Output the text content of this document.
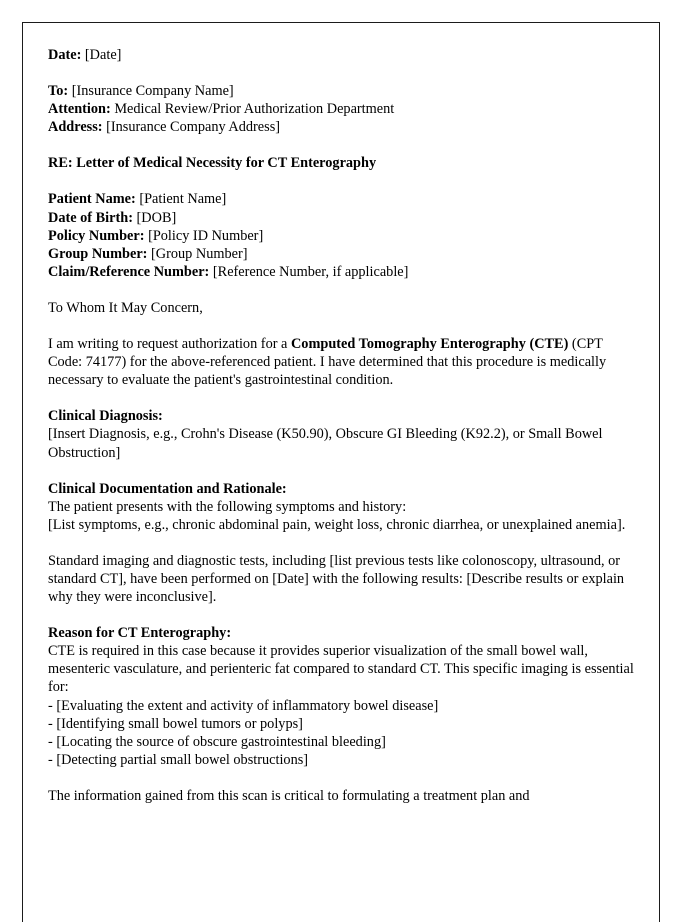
Date: [Date]
To: [Insurance Company Name]
Attention: Medical Review/Prior Authorization Department
Address: [Insurance Company Address]
RE: Letter of Medical Necessity for CT Enterography
Patient Name: [Patient Name]
Date of Birth: [DOB]
Policy Number: [Policy ID Number]
Group Number: [Group Number]
Claim/Reference Number: [Reference Number, if applicable]
To Whom It May Concern,
I am writing to request authorization for a Computed Tomography Enterography (CTE) (CPT Code: 74177) for the above-referenced patient. I have determined that this procedure is medically necessary to evaluate the patient's gastrointestinal condition.
Clinical Diagnosis:
[Insert Diagnosis, e.g., Crohn's Disease (K50.90), Obscure GI Bleeding (K92.2), or Small Bowel Obstruction]
Clinical Documentation and Rationale:
The patient presents with the following symptoms and history:
[List symptoms, e.g., chronic abdominal pain, weight loss, chronic diarrhea, or unexplained anemia].
Standard imaging and diagnostic tests, including [list previous tests like colonoscopy, ultrasound, or standard CT], have been performed on [Date] with the following results: [Describe results or explain why they were inconclusive].
Reason for CT Enterography:
CTE is required in this case because it provides superior visualization of the small bowel wall, mesenteric vasculature, and perienteric fat compared to standard CT. This specific imaging is essential for:
- [Evaluating the extent and activity of inflammatory bowel disease]
- [Identifying small bowel tumors or polyps]
- [Locating the source of obscure gastrointestinal bleeding]
- [Detecting partial small bowel obstructions]
The information gained from this scan is critical to formulating a treatment plan and
